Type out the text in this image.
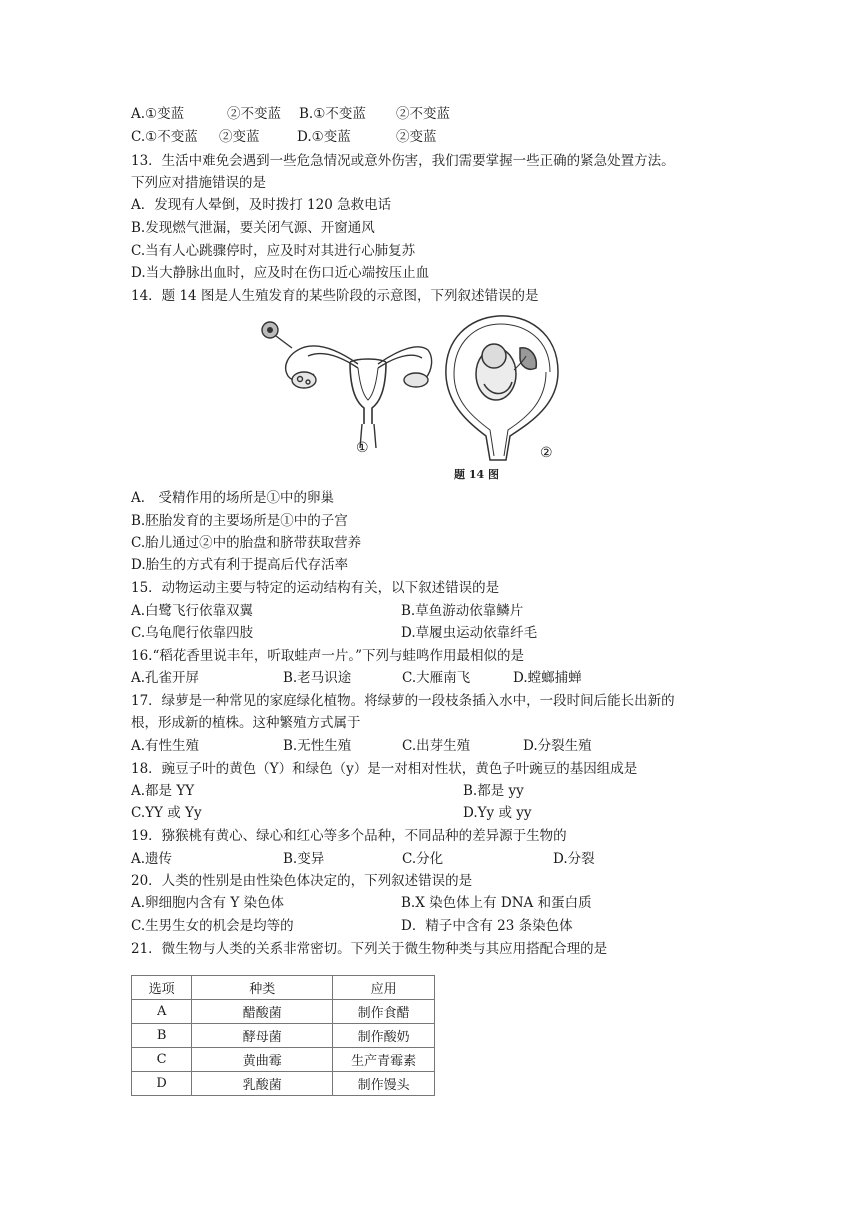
A.①变蓝	②不变蓝 B.①不变蓝 ②不变蓝
C.①不变蓝 ②变蓝	D.①变蓝	②变蓝
13．生活中难免会遇到一些危急情况或意外伤害，我们需要掌握一些正确的紧急处置方法。
下列应对措施错误的是
A．发现有人晕倒，及时拨打 120 急救电话
B.发现燃气泄漏，要关闭气源、开窗通风
C.当有人心跳骤停时，应及时对其进行心肺复苏
D.当大静脉出血时，应及时在伤口近心端按压止血
14．题 14 图是人生殖发育的某些阶段的示意图，下列叙述错误的是
①	②
题 14 图
A． 受精作用的场所是①中的卵巢
B.胚胎发育的主要场所是①中的子宫
C.胎儿通过②中的胎盘和脐带获取营养
D.胎生的方式有利于提高后代存活率
15．动物运动主要与特定的运动结构有关，以下叙述错误的是
A.白鹭飞行依靠双翼	B.草鱼游动依靠鳞片
C.乌龟爬行依靠四肢	D.草履虫运动依靠纤毛
16.“稻花香里说丰年，听取蛙声一片。”下列与蛙鸣作用最相似的是
A.孔雀开屏	B.老马识途	C.大雁南飞	D.螳螂捕蝉
17．绿萝是一种常见的家庭绿化植物。将绿萝的一段枝条插入水中，一段时间后能长出新的
根，形成新的植株。这种繁殖方式属于
A.有性生殖	B.无性生殖	C.出芽生殖	D.分裂生殖
18．豌豆子叶的黄色（Y）和绿色（y）是一对相对性状，黄色子叶豌豆的基因组成是
A.都是 YY	B.都是 yy
C.YY 或 Yy	D.Yy 或 yy
19．猕猴桃有黄心、绿心和红心等多个品种，不同品种的差异源于生物的
A.遗传	B.变异	C.分化	D.分裂
20．人类的性别是由性染色体决定的，下列叙述错误的是
A.卵细胞内含有 Y 染色体	B.X 染色体上有 DNA 和蛋白质
C.生男生女的机会是均等的	D．精子中含有 23 条染色体
21．微生物与人类的关系非常密切。下列关于微生物种类与其应用搭配合理的是
选项	种类	应用
A	醋酸菌	制作食醋
B	酵母菌	制作酸奶
C	黄曲霉	生产青霉素
D	乳酸菌	制作馒头
